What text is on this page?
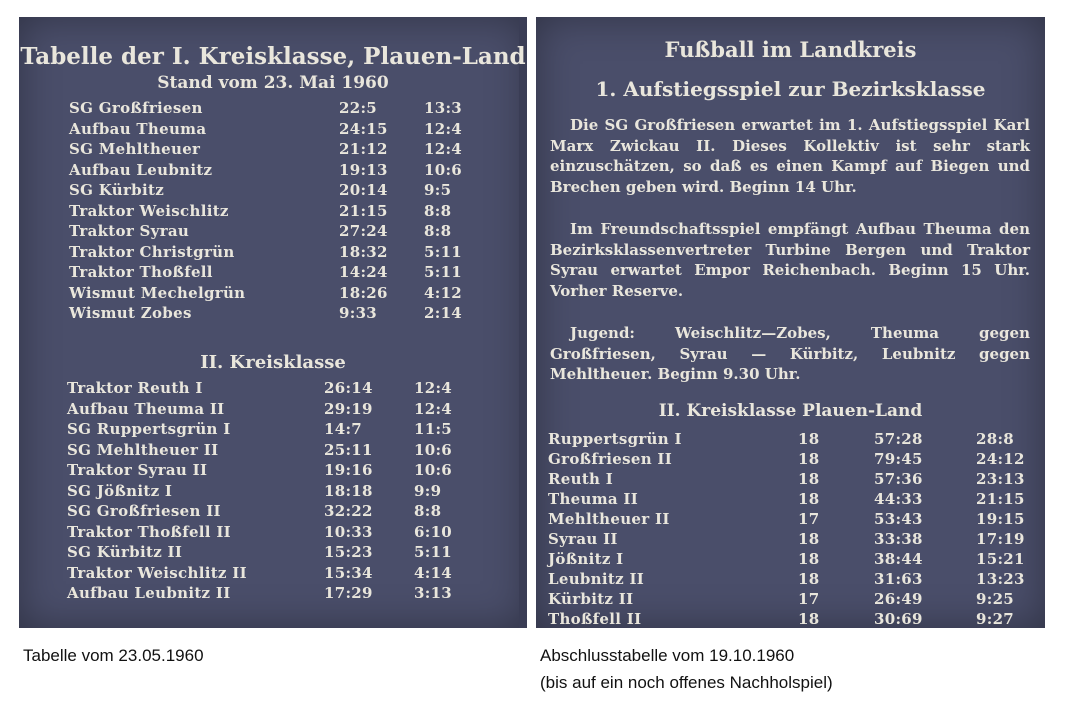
Tabelle der I. Kreisklasse, Plauen-Land
Stand vom 23. Mai 1960
SG Großfriesen	22:5	13:3
Aufbau Theuma	24:15 12:4
SG Mehltheuer	21:12 12:4
Aufbau Leubnitz	19:13 10:6
SG Kürbitz	20:14 9:5
Traktor Weischlitz	21:15 8:8
Traktor Syrau	27:24 8:8
Traktor Christgrün	18:32 5:11
Traktor Thoßfell	14:24 5:11
Wismut Mechelgrün	18:26 4:12
Wismut Zobes	9:33	2:14
II. Kreisklasse
Traktor Reuth I	26:14	12:4
Aufbau Theuma II	29:19	12:4
SG Ruppertsgrün I	14:7	11:5
SG Mehltheuer II	25:11	10:6
Traktor Syrau II	19:16	10:6
SG Jößnitz I	18:18	9:9
SG Großfriesen II	32:22	8:8
Traktor Thoßfell II	10:33	6:10
SG Kürbitz II	15:23	5:11
Traktor Weischlitz II	15:34	4:14
Aufbau Leubnitz II	17:29	3:13
Fußball im Landkreis
1. Aufstiegsspiel zur Bezirksklasse
Die SG Großfriesen erwartet im 1. Aufstiegsspiel Karl Marx Zwickau II. Dieses Kollektiv ist sehr stark einzuschätzen, so daß es einen Kampf auf Biegen und Brechen geben wird. Beginn 14 Uhr.
Im Freundschaftsspiel empfängt Aufbau Theuma den Bezirksklassenvertreter Turbine Bergen und Traktor Syrau erwartet Empor Reichenbach. Beginn 15 Uhr. Vorher Reserve.
Jugend: Weischlitz—Zobes, Theuma gegen Großfriesen, Syrau — Kürbitz, Leubnitz gegen Mehltheuer. Beginn 9.30 Uhr.
II. Kreisklasse Plauen-Land
Ruppertsgrün I	18	57:28	28:8
Großfriesen II	18	79:45	24:12
Reuth I	18	57:36	23:13
Theuma II	18	44:33	21:15
Mehltheuer II	17	53:43	19:15
Syrau II	18	33:38	17:19
Jößnitz I	18	38:44	15:21
Leubnitz II	18	31:63	13:23
Kürbitz II	17	26:49	9:25
Thoßfell II	18	30:69	9:27
Tabelle vom 23.05.1960	Abschlusstabelle vom 19.10.1960
(bis auf ein noch offenes Nachholspiel)
